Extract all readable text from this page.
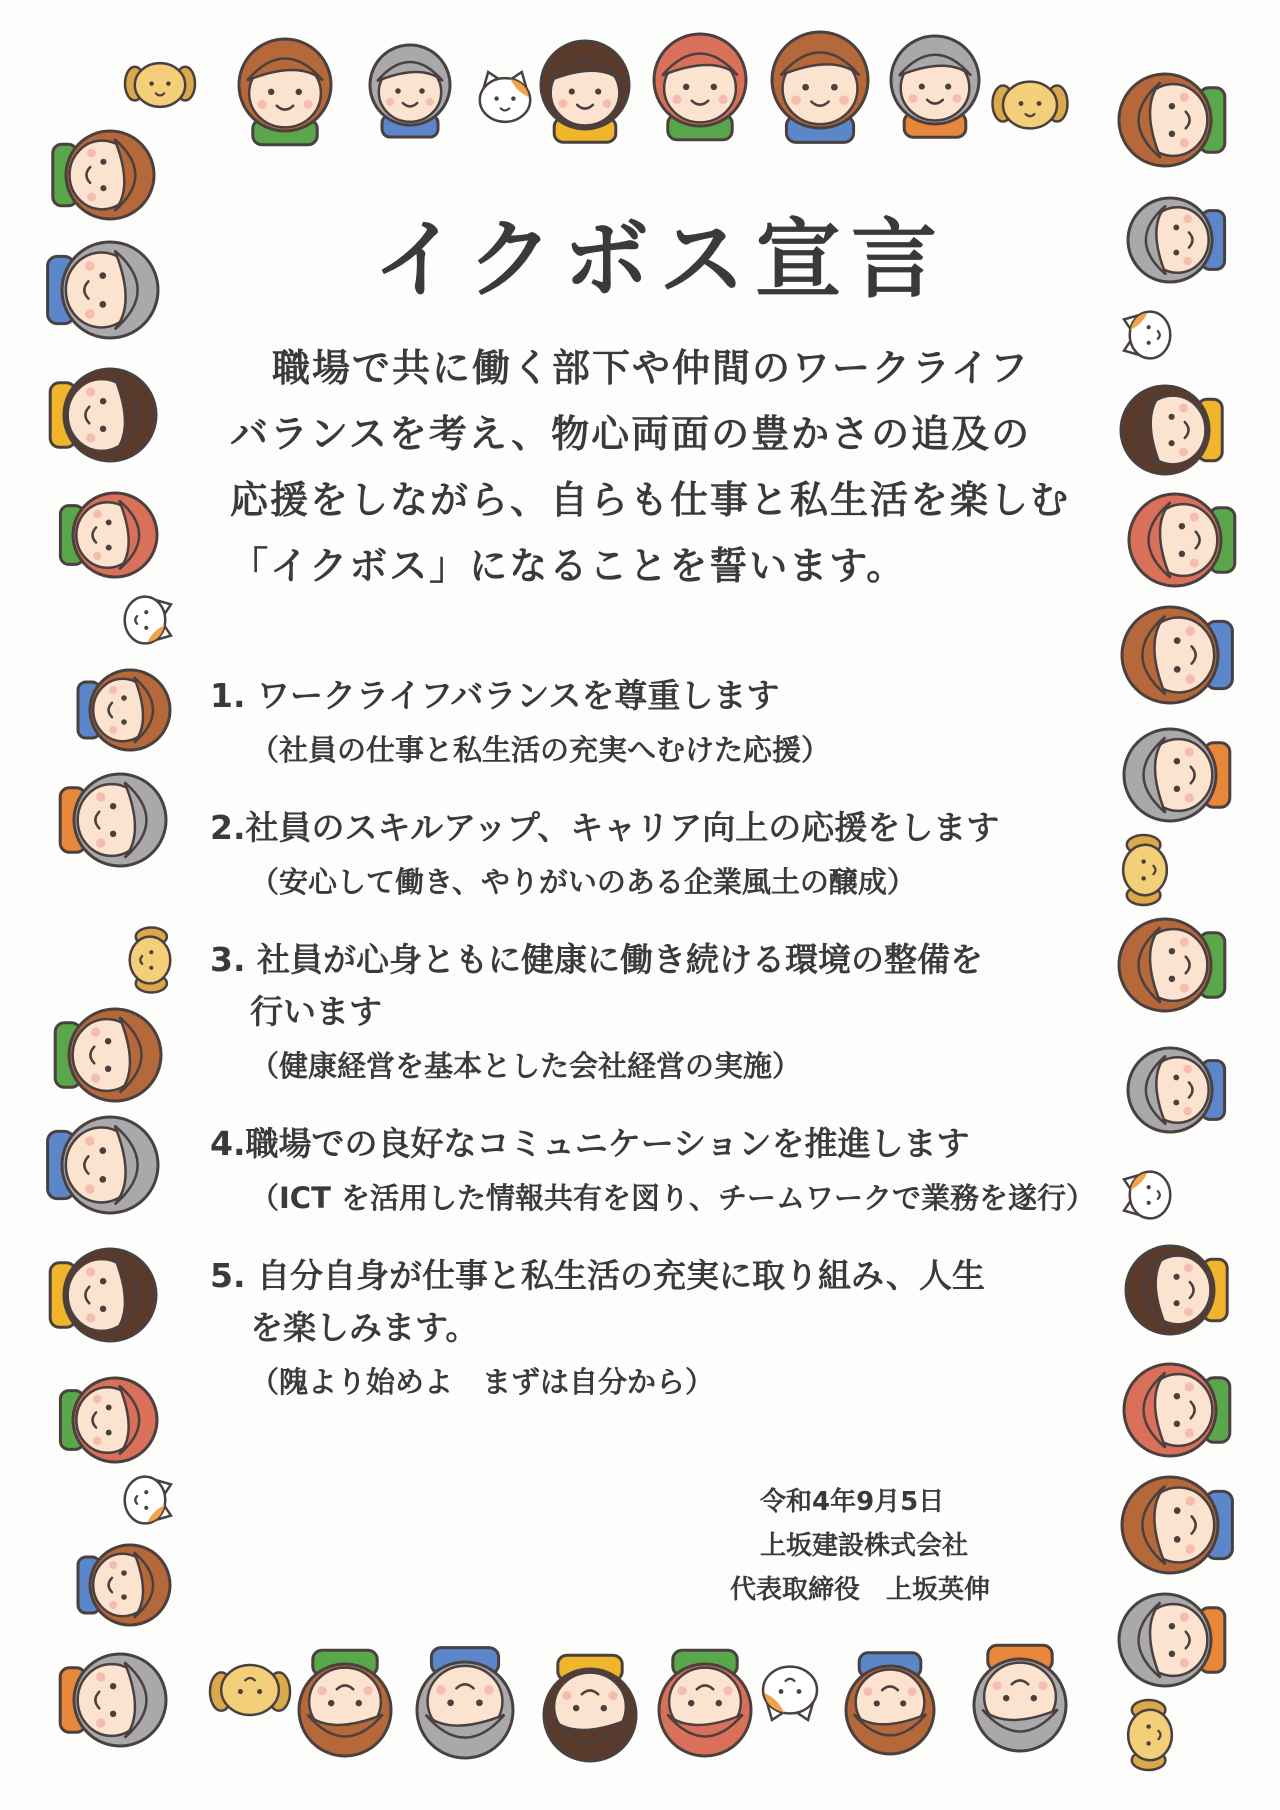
イクボス宣言

職場で共に働く部下や仲間のワークライフ
バランスを考え、物心両面の豊かさの追及の
応援をしながら、自らも仕事と私生活を楽しむ
「イクボス」になることを誓います。

1. ワークライフバランスを尊重します
（社員の仕事と私生活の充実へむけた応援）
2.社員のスキルアップ、キャリア向上の応援をします
（安心して働き、やりがいのある企業風土の醸成）
3. 社員が心身ともに健康に働き続ける環境の整備を
行います
（健康経営を基本とした会社経営の実施）
4.職場での良好なコミュニケーションを推進します
（ICT を活用した情報共有を図り、チームワークで業務を遂行）
5. 自分自身が仕事と私生活の充実に取り組み、人生
を楽しみます。
（隗より始めよ　まずは自分から）
令和4年9月5日
上坂建設株式会社
代表取締役　上坂英伸
